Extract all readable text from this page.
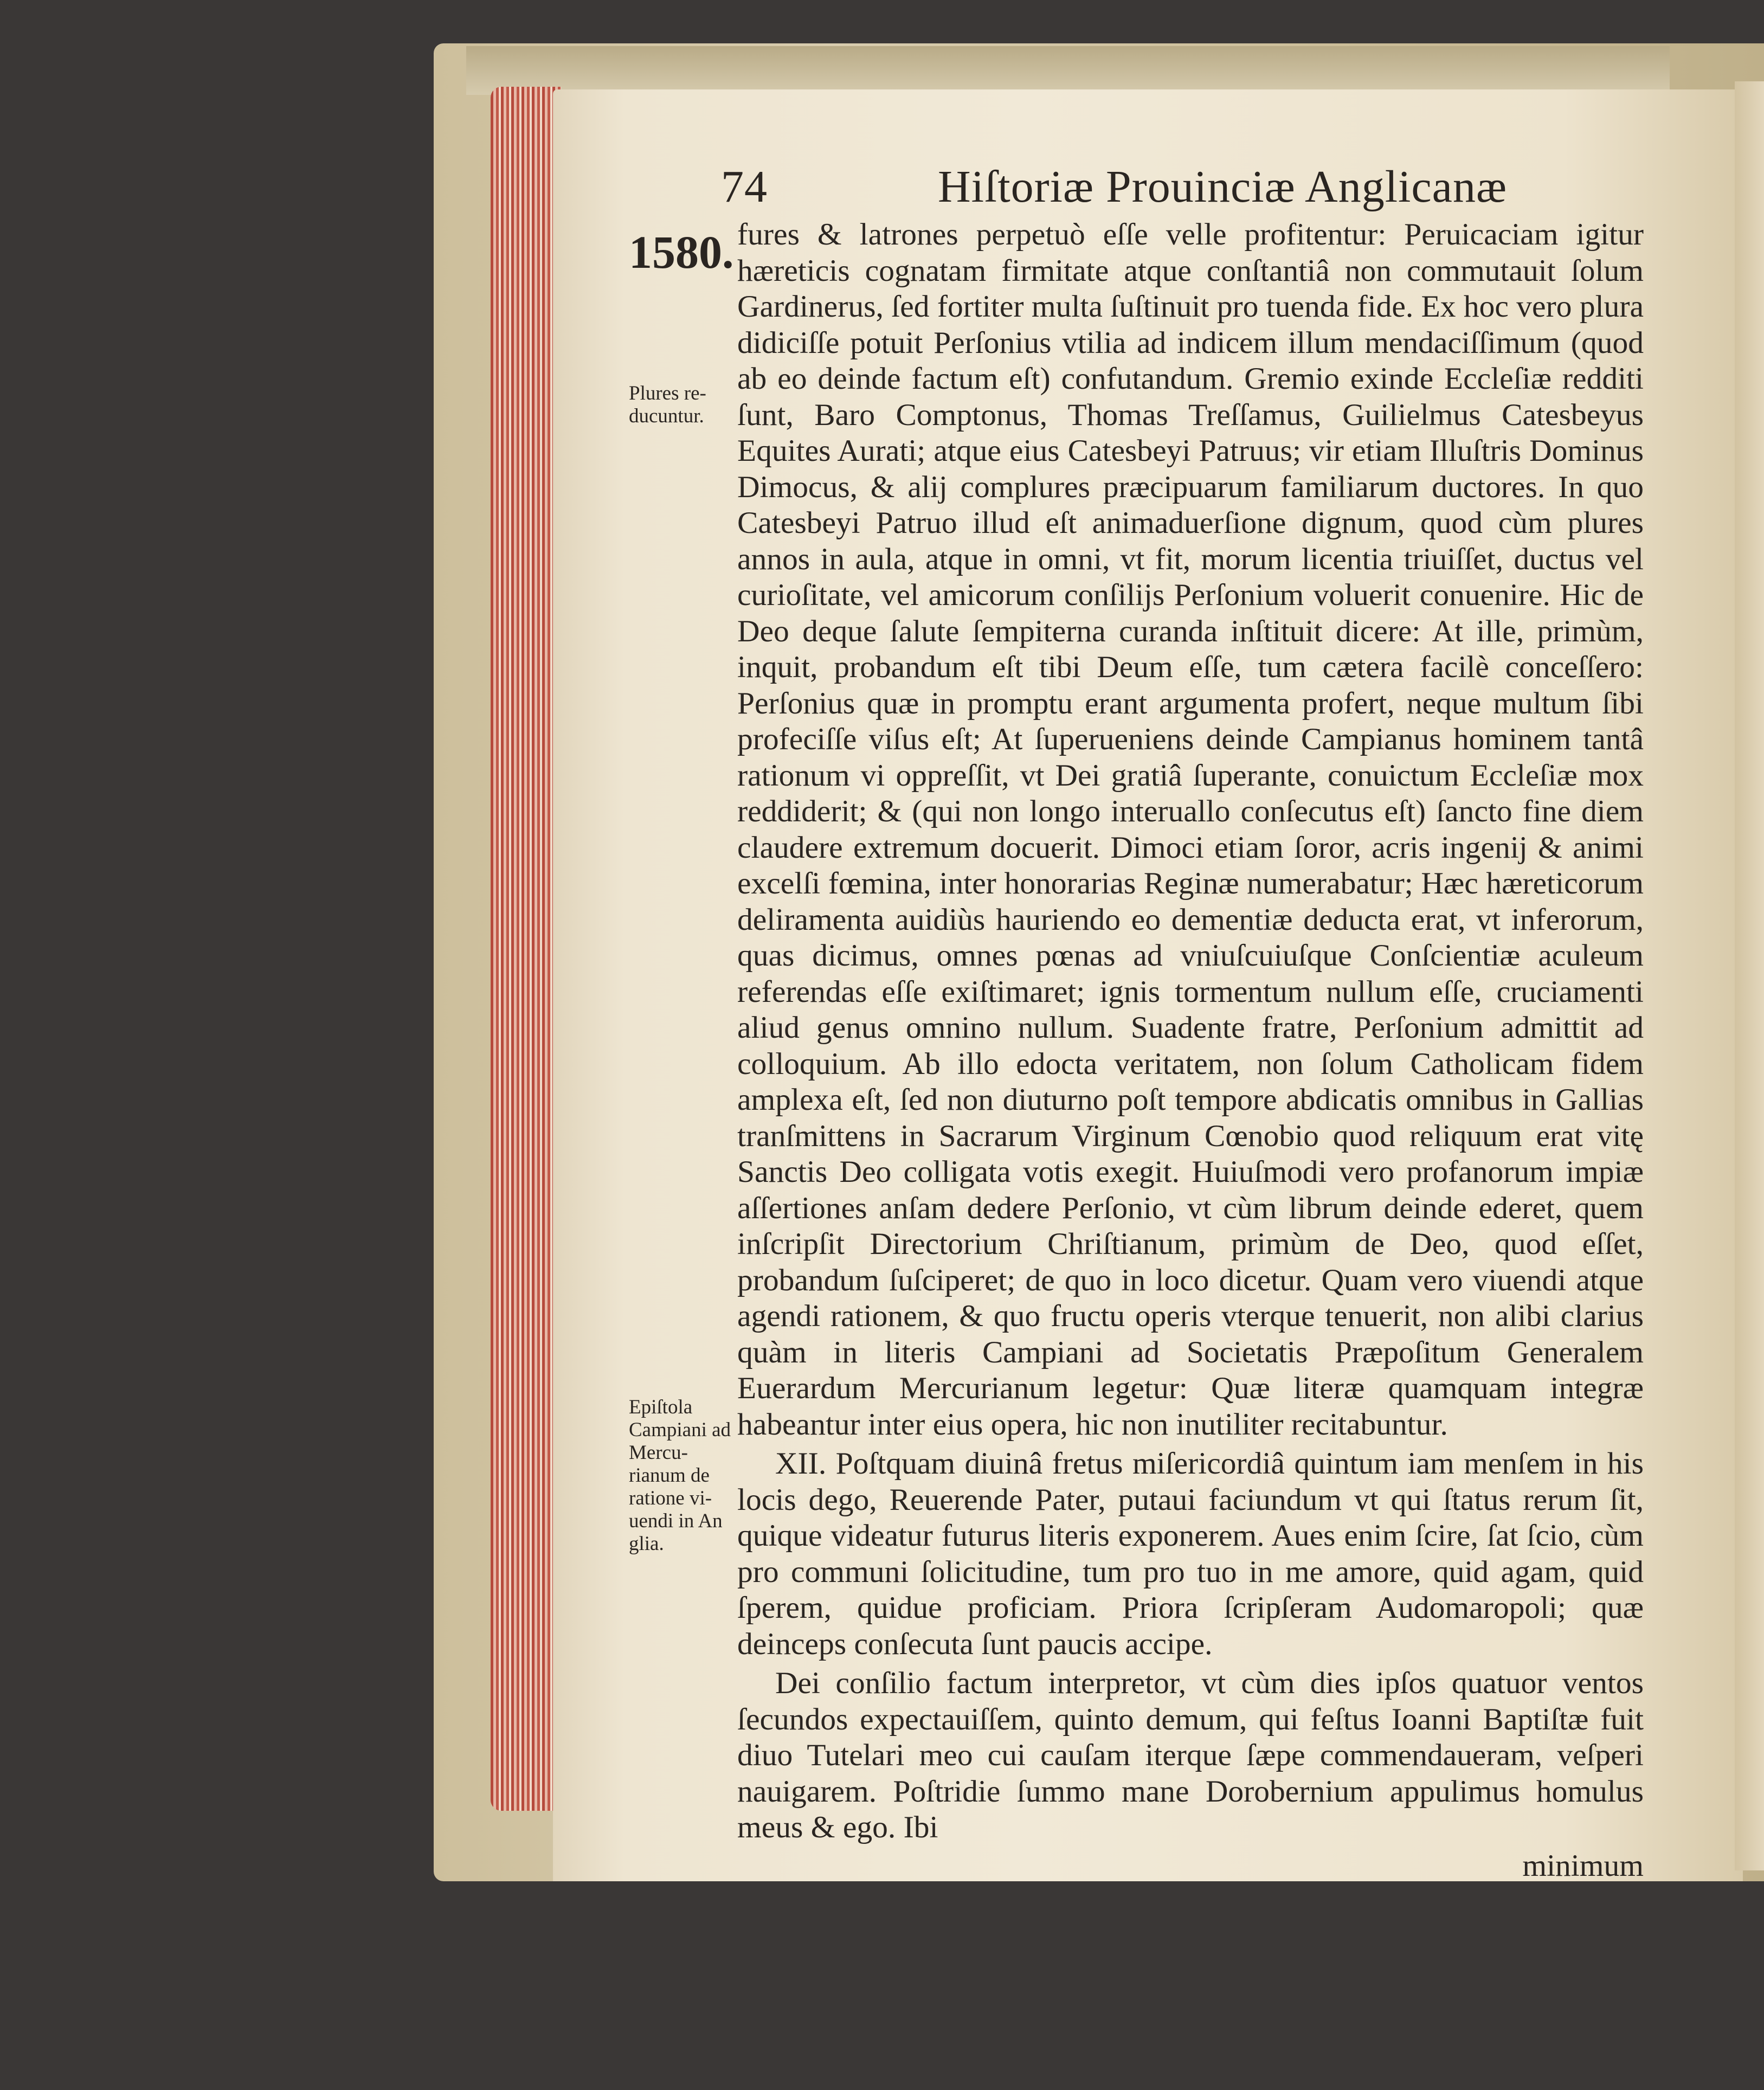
74	Hiſtoriæ Prouinciæ Anglicanæ
1580.
Plures re- ducuntur.
Epiſtola Campiani ad Mercu- rianum de ratione vi- uendi in An glia.

fures & latrones perpetuò eſſe velle profitentur: Peruicaciam igitur hæreticis cognatam firmitate atque conſtantiâ non commutauit ſolum Gardinerus, ſed fortiter multa ſuſtinuit pro tuenda fide. Ex hoc vero plura didiciſſe potuit Perſonius vtilia ad indicem illum mendaciſſimum (quod ab eo deinde factum eſt) confutandum. Gremio exinde Eccleſiæ redditi ſunt, Baro Comptonus, Thomas Treſſamus, Guilielmus Catesbeyus Equites Aurati; atque eius Catesbeyi Patruus; vir etiam Illuſtris Dominus Dimocus, & alij complures præcipuarum familiarum ductores. In quo Catesbeyi Patruo illud eſt animaduerſione dignum, quod cùm plures annos in aula, atque in omni, vt fit, morum licentia triuiſſet, ductus vel curioſitate, vel amicorum conſilijs Perſonium voluerit conuenire. Hic de Deo deque ſalute ſempiterna curanda inſtituit dicere: At ille, primùm, inquit, probandum eſt tibi Deum eſſe, tum cætera facilè conceſſero: Perſonius quæ in promptu erant argumenta profert, neque multum ſibi profeciſſe viſus eſt; At ſuperueniens deinde Campianus hominem tantâ rationum vi oppreſſit, vt Dei gratiâ ſuperante, conuictum Eccleſiæ mox reddiderit; & (qui non longo interuallo conſecutus eſt) ſancto fine diem claudere extremum docuerit. Dimoci etiam ſoror, acris ingenij & animi excelſi fœmina, inter honorarias Reginæ numerabatur; Hæc hæreticorum deliramenta auidiùs hauriendo eo dementiæ deducta erat, vt inferorum, quas dicimus, omnes pœnas ad vniuſcuiuſque Conſcientiæ aculeum referendas eſſe exiſtimaret; ignis tormentum nullum eſſe, cruciamenti aliud genus omnino nullum. Suadente fratre, Perſonium admittit ad colloquium. Ab illo edocta veritatem, non ſolum Catholicam fidem amplexa eſt, ſed non diuturno poſt tempore abdicatis omnibus in Gallias tranſmittens in Sacrarum Virginum Cœnobio quod reliquum erat vitę Sanctis Deo colligata votis exegit. Huiuſmodi vero profanorum impiæ aſſertiones anſam dedere Perſonio, vt cùm librum deinde ederet, quem inſcripſit Directorium Chriſtianum, primùm de Deo, quod eſſet, probandum ſuſciperet; de quo in loco dicetur. Quam vero viuendi atque agendi rationem, & quo fructu operis vterque tenuerit, non alibi clarius quàm in literis Campiani ad Societatis Præpoſitum Generalem Euerardum Mercurianum legetur: Quæ literæ quamquam integræ habeantur inter eius opera, hic non inutiliter recitabuntur.

XII. Poſtquam diuinâ fretus miſericordiâ quintum iam menſem in his locis dego, Reuerende Pater, putaui faciundum vt qui ſtatus rerum ſit, quique videatur futurus literis exponerem. Aues enim ſcire, ſat ſcio, cùm pro communi ſolicitudine, tum pro tuo in me amore, quid agam, quid ſperem, quidue proficiam. Priora ſcripſeram Audomaropoli; quæ deinceps conſecuta ſunt paucis accipe.

Dei conſilio factum interpretor, vt cùm dies ipſos quatuor ventos ſecundos expectauiſſem, quinto demum, qui feſtus Ioanni Baptiſtæ fuit diuo Tutelari meo cui cauſam iterque ſæpe commendaueram, veſperi nauigarem. Poſtridie ſummo mane Dorobernium appulimus homulus meus & ego. Ibi

minimum
